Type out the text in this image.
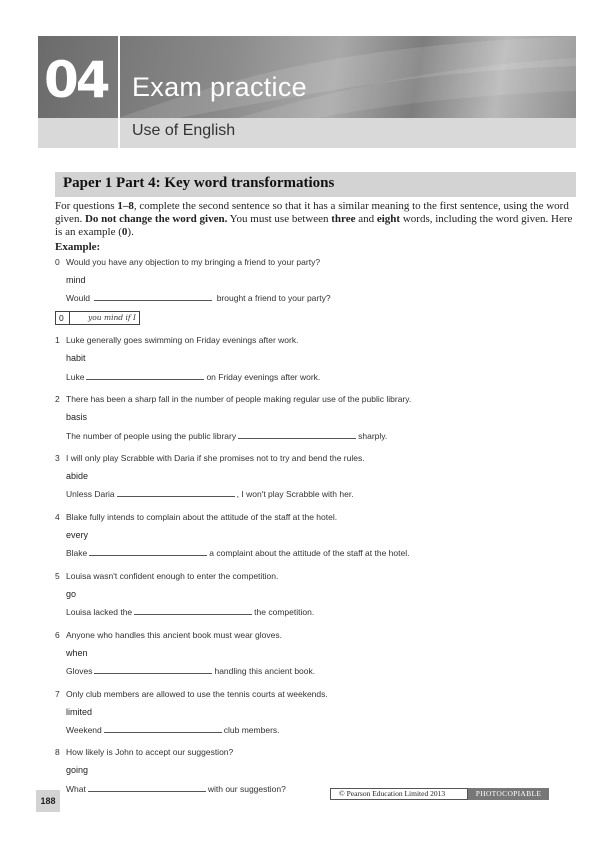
04 Exam practice
Use of English
Paper 1 Part 4: Key word transformations
For questions 1–8, complete the second sentence so that it has a similar meaning to the first sentence, using the word given. Do not change the word given. You must use between three and eight words, including the word given. Here is an example (0).
Example:
0 Would you have any objection to my bringing a friend to your party?
mind
Would	brought a friend to your party?
0	you mind if I
1 Luke generally goes swimming on Friday evenings after work.
habit
Luke	on Friday evenings after work.
2 There has been a sharp fall in the number of people making regular use of the public library.
basis
The number of people using the public library	sharply.
3 I will only play Scrabble with Daria if she promises not to try and bend the rules.
abide
Unless Daria	, I won't play Scrabble with her.
4 Blake fully intends to complain about the attitude of the staff at the hotel.
every
Blake	a complaint about the attitude of the staff at the hotel.
5 Louisa wasn't confident enough to enter the competition.
go
Louisa lacked the	the competition.
6 Anyone who handles this ancient book must wear gloves.
when
Gloves	handling this ancient book.
7 Only club members are allowed to use the tennis courts at weekends.
limited
Weekend	club members.
8 How likely is John to accept our suggestion?
going
What	with our suggestion?
188
© Pearson Education Limited 2013	PHOTOCOPIABLE
